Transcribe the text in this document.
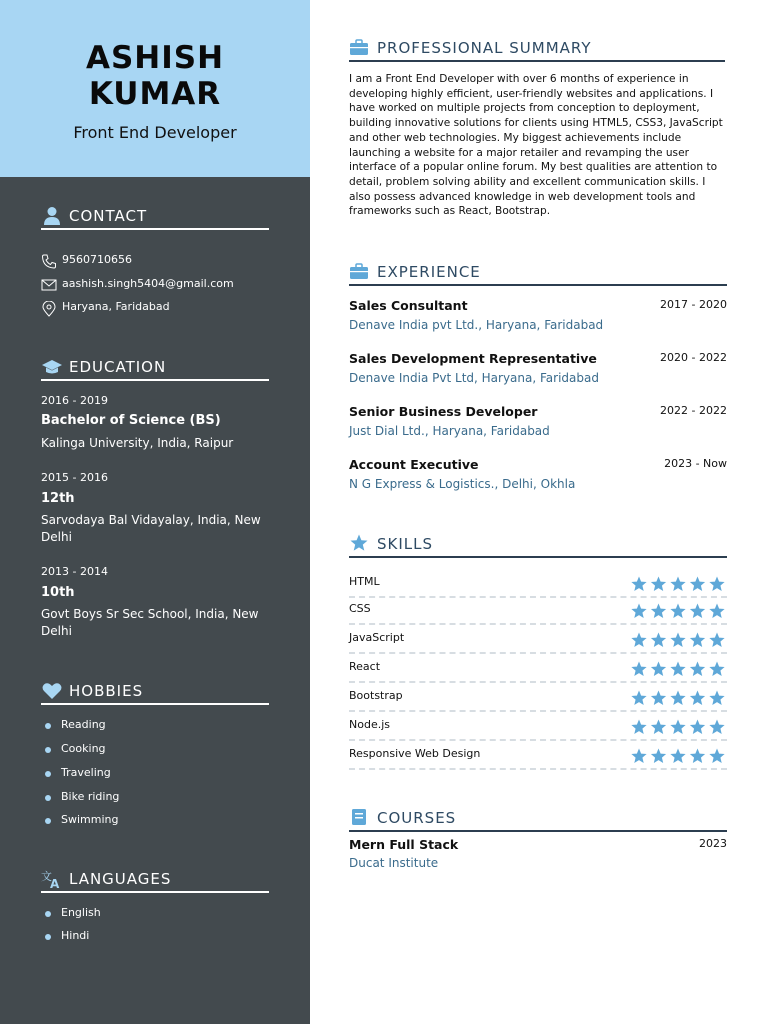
ASHISH
KUMAR
Front End Developer
CONTACT
9560710656
aashish.singh5404@gmail.com
Haryana, Faridabad
EDUCATION
2016 - 2019
Bachelor of Science (BS)
Kalinga University, India, Raipur
2015 - 2016
12th
Sarvodaya Bal Vidayalay, India, New Delhi
2013 - 2014
10th
Govt Boys Sr Sec School, India, New Delhi
HOBBIES
Reading
Cooking
Traveling
Bike riding
Swimming
文
A LANGUAGES
English
Hindi
PROFESSIONAL SUMMARY
I am a Front End Developer with over 6 months of experience in developing highly efficient, user-friendly websites and applications. I have worked on multiple projects from conception to deployment, building innovative solutions for clients using HTML5, CSS3, JavaScript and other web technologies. My biggest achievements include launching a website for a major retailer and revamping the user interface of a popular online forum. My best qualities are attention to detail, problem solving ability and excellent communication skills. I also possess advanced knowledge in web development tools and frameworks such as React, Bootstrap.
EXPERIENCE
Sales Consultant	2017 - 2020
Denave India pvt Ltd., Haryana, Faridabad
Sales Development Representative	2020 - 2022
Denave India Pvt Ltd, Haryana, Faridabad
Senior Business Developer	2022 - 2022
Just Dial Ltd., Haryana, Faridabad
Account Executive	2023 - Now
N G Express & Logistics., Delhi, Okhla
SKILLS
HTML
CSS
JavaScript
React
Bootstrap
Node.js
Responsive Web Design
COURSES
Mern Full Stack	2023
Ducat Institute
